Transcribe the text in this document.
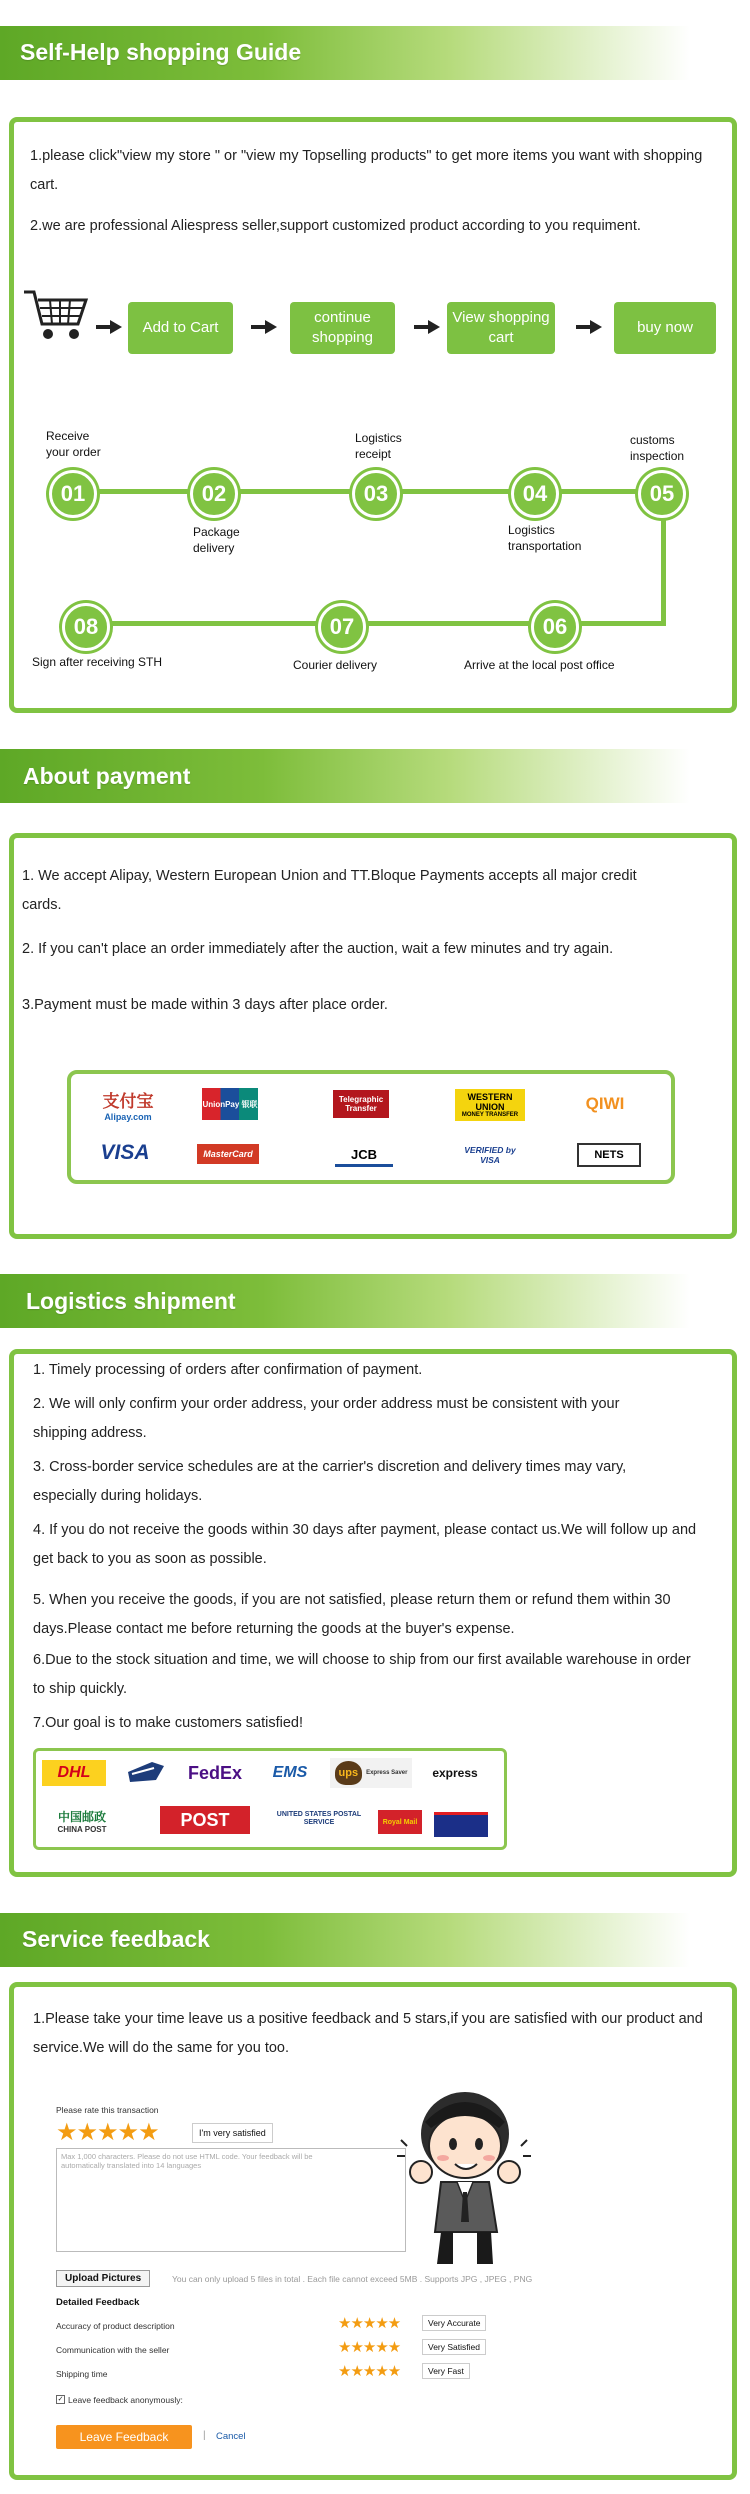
Self-Help shopping Guide
1.please click"view my store " or "view my Topselling products" to get more items you want with shopping cart.
2.we are professional Aliespress seller,support customized product according to you requiment.
Add to Cart
continue shopping
View shopping cart
buy now
01	02	03	04	05
06
07
08
Receive your order
Package delivery
Logistics receipt
Logistics transportation
customs inspection
Arrive at the local post office
Courier delivery
Sign after receiving STH
About payment
1. We accept Alipay, Western European Union and TT.Bloque Payments accepts all major credit cards.
2. If you can't place an order immediately after the auction, wait a few minutes and try again.
3.Payment must be made within 3 days after place order.
支付宝
Alipay.com
UnionPay 银联	Telegraphic Transfer
WESTERN UNION
MONEY TRANSFER
QIWI
VISA	MasterCard	JCB	VERIFIED by VISA	NETS
Logistics shipment
1. Timely processing of orders after confirmation of payment.
2. We will only confirm your order address, your order address must be consistent with your shipping address.
3. Cross-border service schedules are at the carrier's discretion and delivery times may vary, especially during holidays.
4. If you do not receive the goods within 30 days after payment, please contact us.We will follow up and get back to you as soon as possible.
5. When you receive the goods, if you are not satisfied, please return them or refund them within 30 days.Please contact me before returning the goods at the buyer's expense.
6.Due to the stock situation and time, we will choose to ship from our first available warehouse in order to ship quickly.
7.Our goal is to make customers satisfied!
DHL	FedEx	EMS	ups	Express Saver	express
中国邮政
CHINA POST	POST	UNITED STATES POSTAL SERVICE	Royal Mail
Service feedback
1.Please take your time leave us a positive feedback and 5 stars,if you are satisfied with our product and service.We will do the same for you too.
Please rate this transaction
★★★★★	I'm very satisfied
Max 1,000 characters. Please do not use HTML code. Your feedback will be automatically translated into 14 languages
Upload Pictures	You can only upload 5 files in total . Each file cannot exceed 5MB . Supports JPG , JPEG , PNG
Detailed Feedback
Accuracy of product description	★★★★★	Very Accurate
Communication with the seller	★★★★★	Very Satisfied
Shipping time	★★★★★	Very Fast
✓ Leave feedback anonymously:
Leave Feedback	| Cancel
